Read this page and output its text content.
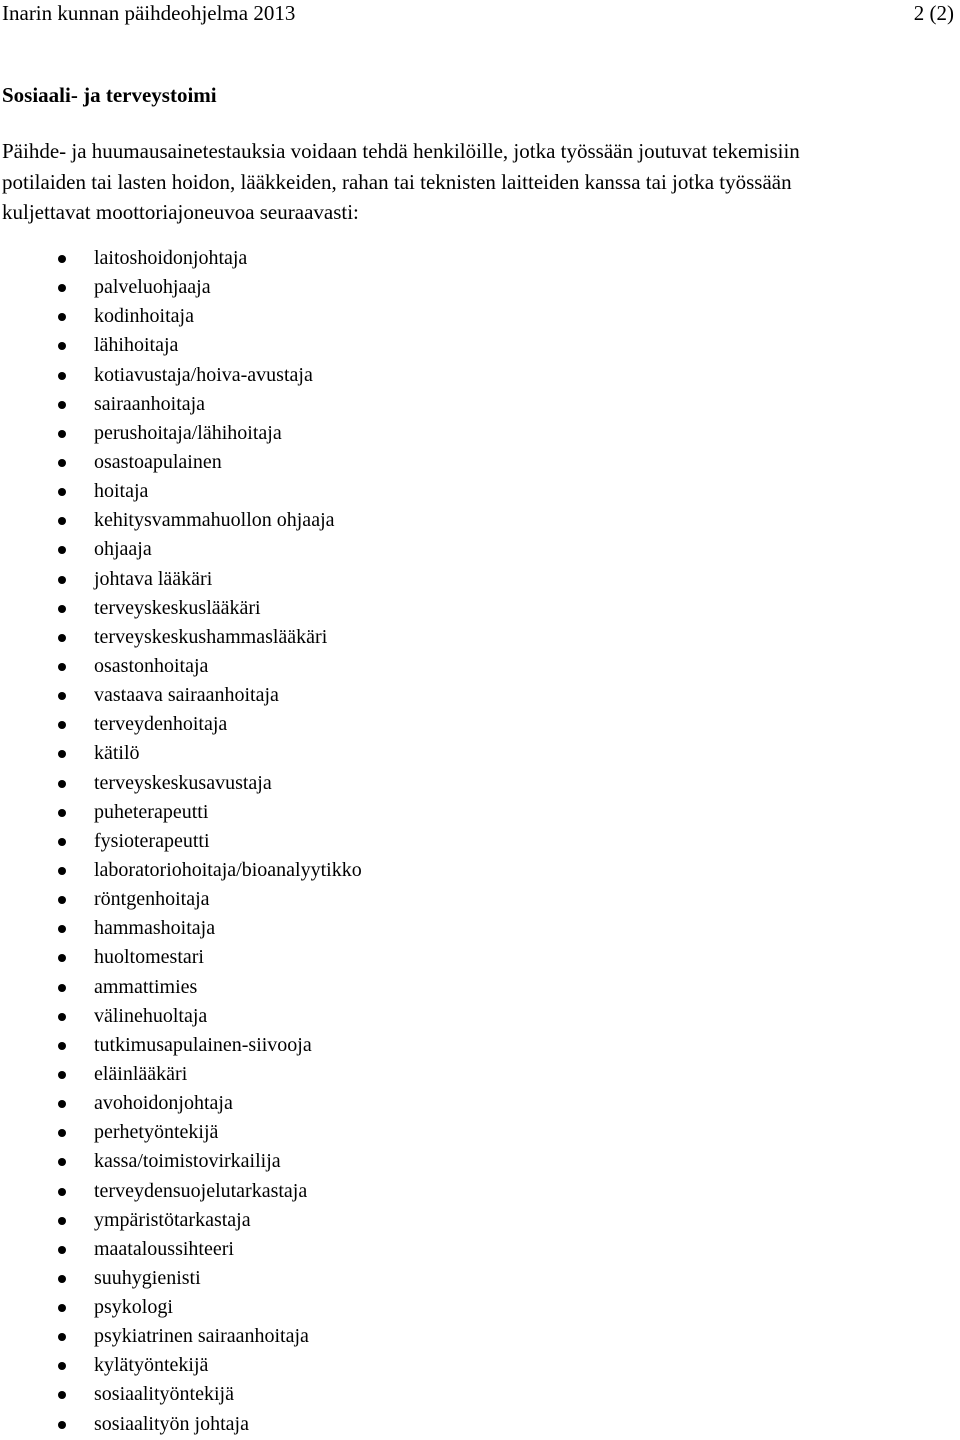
Inarin kunnan päihdeohjelma 2013	2 (2)
Sosiaali- ja terveystoimi

Päihde- ja huumausainetestauksia voidaan tehdä henkilöille, jotka työssään joutuvat tekemisiin
potilaiden tai lasten hoidon, lääkkeiden, rahan tai teknisten laitteiden kanssa tai jotka työssään
kuljettavat moottoriajoneuvoa seuraavasti:

laitoshoidonjohtaja
palveluohjaaja
kodinhoitaja
lähihoitaja
kotiavustaja/hoiva-avustaja
sairaanhoitaja
perushoitaja/lähihoitaja
osastoapulainen
hoitaja
kehitysvammahuollon ohjaaja
ohjaaja
johtava lääkäri
terveyskeskuslääkäri
terveyskeskushammaslääkäri
osastonhoitaja
vastaava sairaanhoitaja
terveydenhoitaja
kätilö
terveyskeskusavustaja
puheterapeutti
fysioterapeutti
laboratoriohoitaja/bioanalyytikko
röntgenhoitaja
hammashoitaja
huoltomestari
ammattimies
välinehuoltaja
tutkimusapulainen-siivooja
eläinlääkäri
avohoidonjohtaja
perhetyöntekijä
kassa/toimistovirkailija
terveydensuojelutarkastaja
ympäristötarkastaja
maataloussihteeri
suuhygienisti
psykologi
psykiatrinen sairaanhoitaja
kylätyöntekijä
sosiaalityöntekijä
sosiaalityön johtaja
